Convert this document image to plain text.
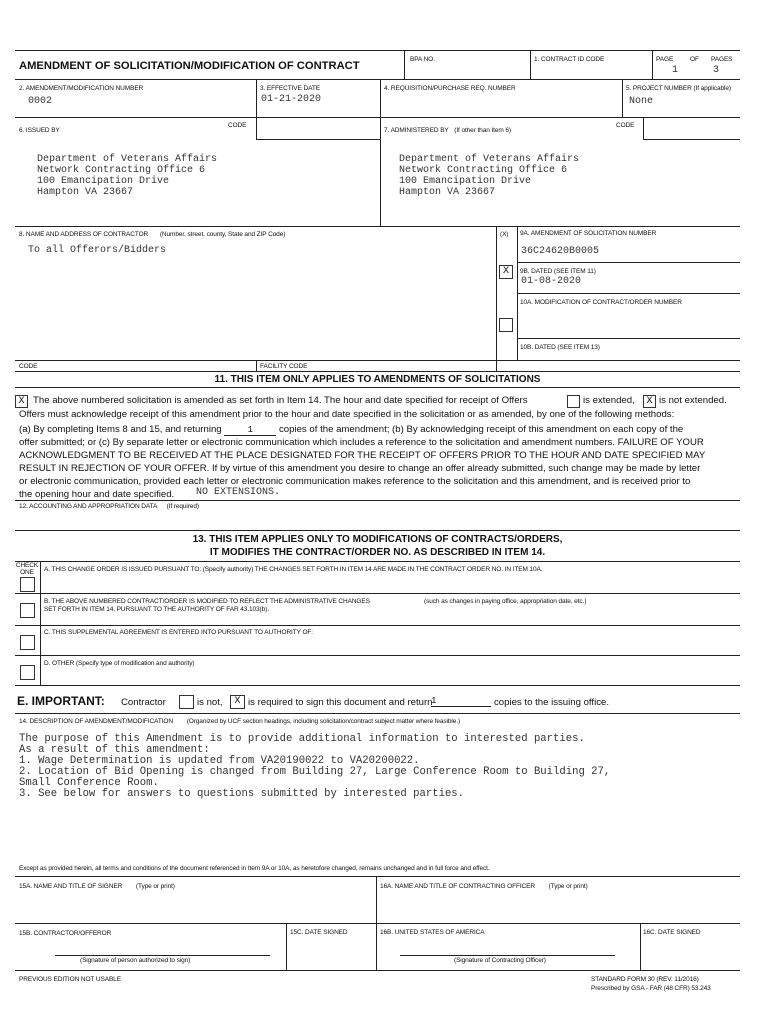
AMENDMENT OF SOLICITATION/MODIFICATION OF CONTRACT
BPA NO.	1. CONTRACT ID CODE	PAGE	OF PAGES
1	3
2. AMENDMENT/MODIFICATION NUMBER
0002
3. EFFECTIVE DATE
01-21-2020
4. REQUISITION/PURCHASE REQ. NUMBER	5. PROJECT NUMBER (If applicable)
None
6. ISSUED BY
CODE
7. ADMINISTERED BY (If other than Item 6)
CODE
Department of Veterans Affairs
Network Contracting Office 6
100 Emancipation Drive
Hampton VA 23667
Department of Veterans Affairs
Network Contracting Office 6
100 Emancipation Drive
Hampton VA 23667
8. NAME AND ADDRESS OF CONTRACTOR (Number, street, county, State and ZIP Code)
To all Offerors/Bidders
(X) 9A. AMENDMENT OF SOLICITATION NUMBER
36C24620B0005
X	9B. DATED (SEE ITEM 11)
01-08-2020
10A. MODIFICATION OF CONTRACT/ORDER NUMBER
10B. DATED (SEE ITEM 13)
CODE	FACILITY CODE
11. THIS ITEM ONLY APPLIES TO AMENDMENTS OF SOLICITATIONS
X The above numbered solicitation is amended as set forth in Item 14. The hour and date specified for receipt of Offers	is extended,	X is not extended.
Offers must acknowledge receipt of this amendment prior to the hour and date specified in the solicitation or as amended, by one of the following methods:
(a) By completing Items 8 and 15, and returning	1	copies of the amendment; (b) By acknowledging receipt of this amendment on each copy of the
offer submitted; or (c) By separate letter or electronic communication which includes a reference to the solicitation and amendment numbers. FAILURE OF YOUR
ACKNOWLEDGMENT TO BE RECEIVED AT THE PLACE DESIGNATED FOR THE RECEIPT OF OFFERS PRIOR TO THE HOUR AND DATE SPECIFIED MAY
RESULT IN REJECTION OF YOUR OFFER. If by virtue of this amendment you desire to change an offer already submitted, such change may be made by letter
or electronic communication, provided each letter or electronic communication makes reference to the solicitation and this amendment, and is received prior to
the opening hour and date specified. NO EXTENSIONS.
12. ACCOUNTING AND APPROPRIATION DATA (If required)
13. THIS ITEM APPLIES ONLY TO MODIFICATIONS OF CONTRACTS/ORDERS,
IT MODIFIES THE CONTRACT/ORDER NO. AS DESCRIBED IN ITEM 14.
CHECK ONE	A. THIS CHANGE ORDER IS ISSUED PURSUANT TO: (Specify authority) THE CHANGES SET FORTH IN ITEM 14 ARE MADE IN THE CONTRACT ORDER NO. IN ITEM 10A.
B. THE ABOVE NUMBERED CONTRACT/ORDER IS MODIFIED TO REFLECT THE ADMINISTRATIVE CHANGES	(such as changes in paying office, appropriation date, etc.)
SET FORTH IN ITEM 14, PURSUANT TO THE AUTHORITY OF FAR 43.103(b).
C. THIS SUPPLEMENTAL AGREEMENT IS ENTERED INTO PURSUANT TO AUTHORITY OF:
D. OTHER (Specify type of modification and authority)
E. IMPORTANT: Contractor	is not,	X is required to sign this document and return
1	copies to the issuing office.
14. DESCRIPTION OF AMENDMENT/MODIFICATION (Organized by UCF section headings, including solicitation/contract subject matter where feasible.)
The purpose of this Amendment is to provide additional information to interested parties.
As a result of this amendment:
1. Wage Determination is updated from VA20190022 to VA20200022.
2. Location of Bid Opening is changed from Building 27, Large Conference Room to Building 27,
Small Conference Room.
3. See below for answers to questions submitted by interested parties.
Except as provided herein, all terms and conditions of the document referenced in Item 9A or 10A, as heretofore changed, remains unchanged and in full force and effect.
15A. NAME AND TITLE OF SIGNER (Type or print)	16A. NAME AND TITLE OF CONTRACTING OFFICER (Type or print)
15B. CONTRACTOR/OFFEROR	15C. DATE SIGNED	16B. UNITED STATES OF AMERICA	16C. DATE SIGNED
(Signature of person authorized to sign)	(Signature of Contracting Officer)
PREVIOUS EDITION NOT USABLE	STANDARD FORM 30 (REV. 11/2016)
Prescribed by GSA - FAR (48 CFR) 53.243
